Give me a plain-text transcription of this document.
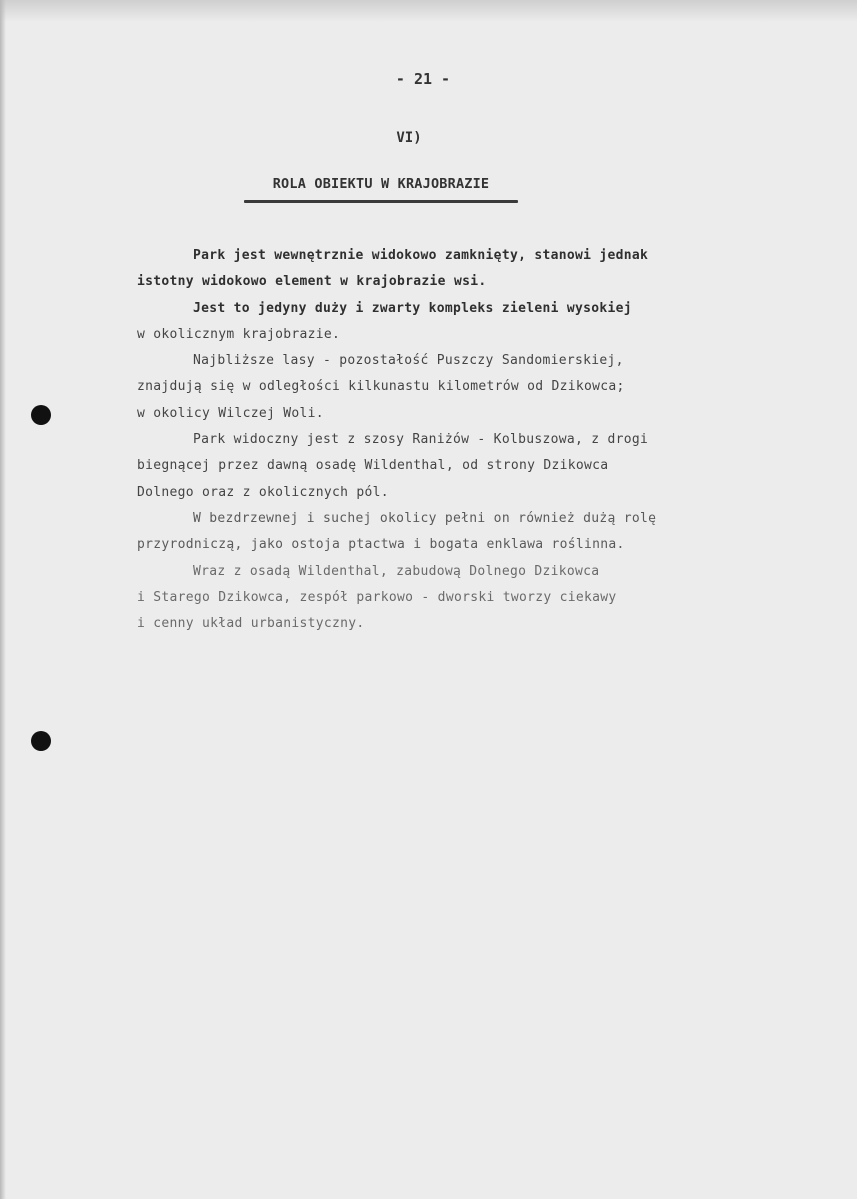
- 21 -
VI)
ROLA OBIEKTU W KRAJOBRAZIE
Park jest wewnętrznie widokowo zamknięty, stanowi jednak
istotny widokowo element w krajobrazie wsi.
Jest to jedyny duży i zwarty kompleks zieleni wysokiej
w okolicznym krajobrazie.
Najbliższe lasy - pozostałość Puszczy Sandomierskiej,
znajdują się w odległości kilkunastu kilometrów od Dzikowca;
w okolicy Wilczej Woli.
Park widoczny jest z szosy Raniżów - Kolbuszowa, z drogi
biegnącej przez dawną osadę Wildenthal, od strony Dzikowca
Dolnego oraz z okolicznych pól.
W bezdrzewnej i suchej okolicy pełni on również dużą rolę
przyrodniczą, jako ostoja ptactwa i bogata enklawa roślinna.
Wraz z osadą Wildenthal, zabudową Dolnego Dzikowca
i Starego Dzikowca, zespół parkowo - dworski tworzy ciekawy
i cenny układ urbanistyczny.
